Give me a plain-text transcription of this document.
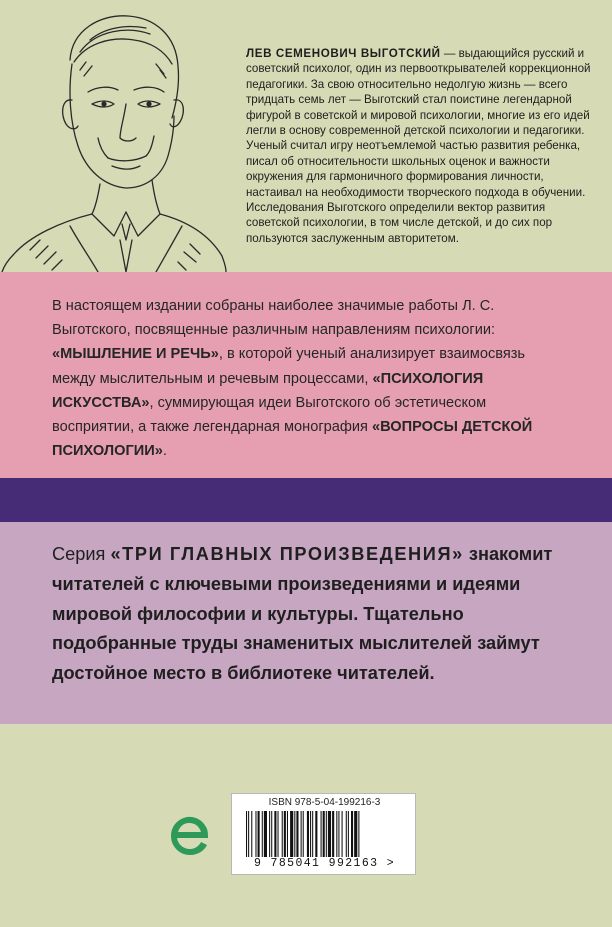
ЛЕВ СЕМЕНОВИЧ ВЫГОТСКИЙ — выдающийся русский и советский психолог, один из первооткрывателей коррекционной педагогики. За свою относительно недолгую жизнь — всего тридцать семь лет — Выготский стал поистине легендарной фигурой в советской и мировой психологии, многие из его идей легли в основу современной детской психологии и педагогики. Ученый считал игру неотъемлемой частью развития ребенка, писал об относительности школьных оценок и важности окружения для гармоничного формирования личности, настаивал на необходимости творческого подхода в обучении. Исследования Выготского определили вектор развития советской психологии, в том числе детской, и до сих пор пользуются заслуженным авторитетом.

В настоящем издании собраны наиболее значимые работы Л. С. Выготского, посвященные различным направлениям психологии: «МЫШЛЕНИЕ И РЕЧЬ», в которой ученый анализирует взаимосвязь между мыслительным и речевым процессами, «ПСИХОЛОГИЯ ИСКУССТВА», суммирующая идеи Выготского об эстетическом восприятии, а также легендарная монография «ВОПРОСЫ ДЕТСКОЙ ПСИХОЛОГИИ».

Серия «ТРИ ГЛАВНЫХ ПРОИЗВЕДЕНИЯ» знакомит читателей с ключевыми произведениями и идеями мировой философии и культуры. Тщательно подобранные труды знаменитых мыслителей займут достойное место в библиотеке читателей.

ISBN 978-5-04-199216-3
9 785041 992163 >
